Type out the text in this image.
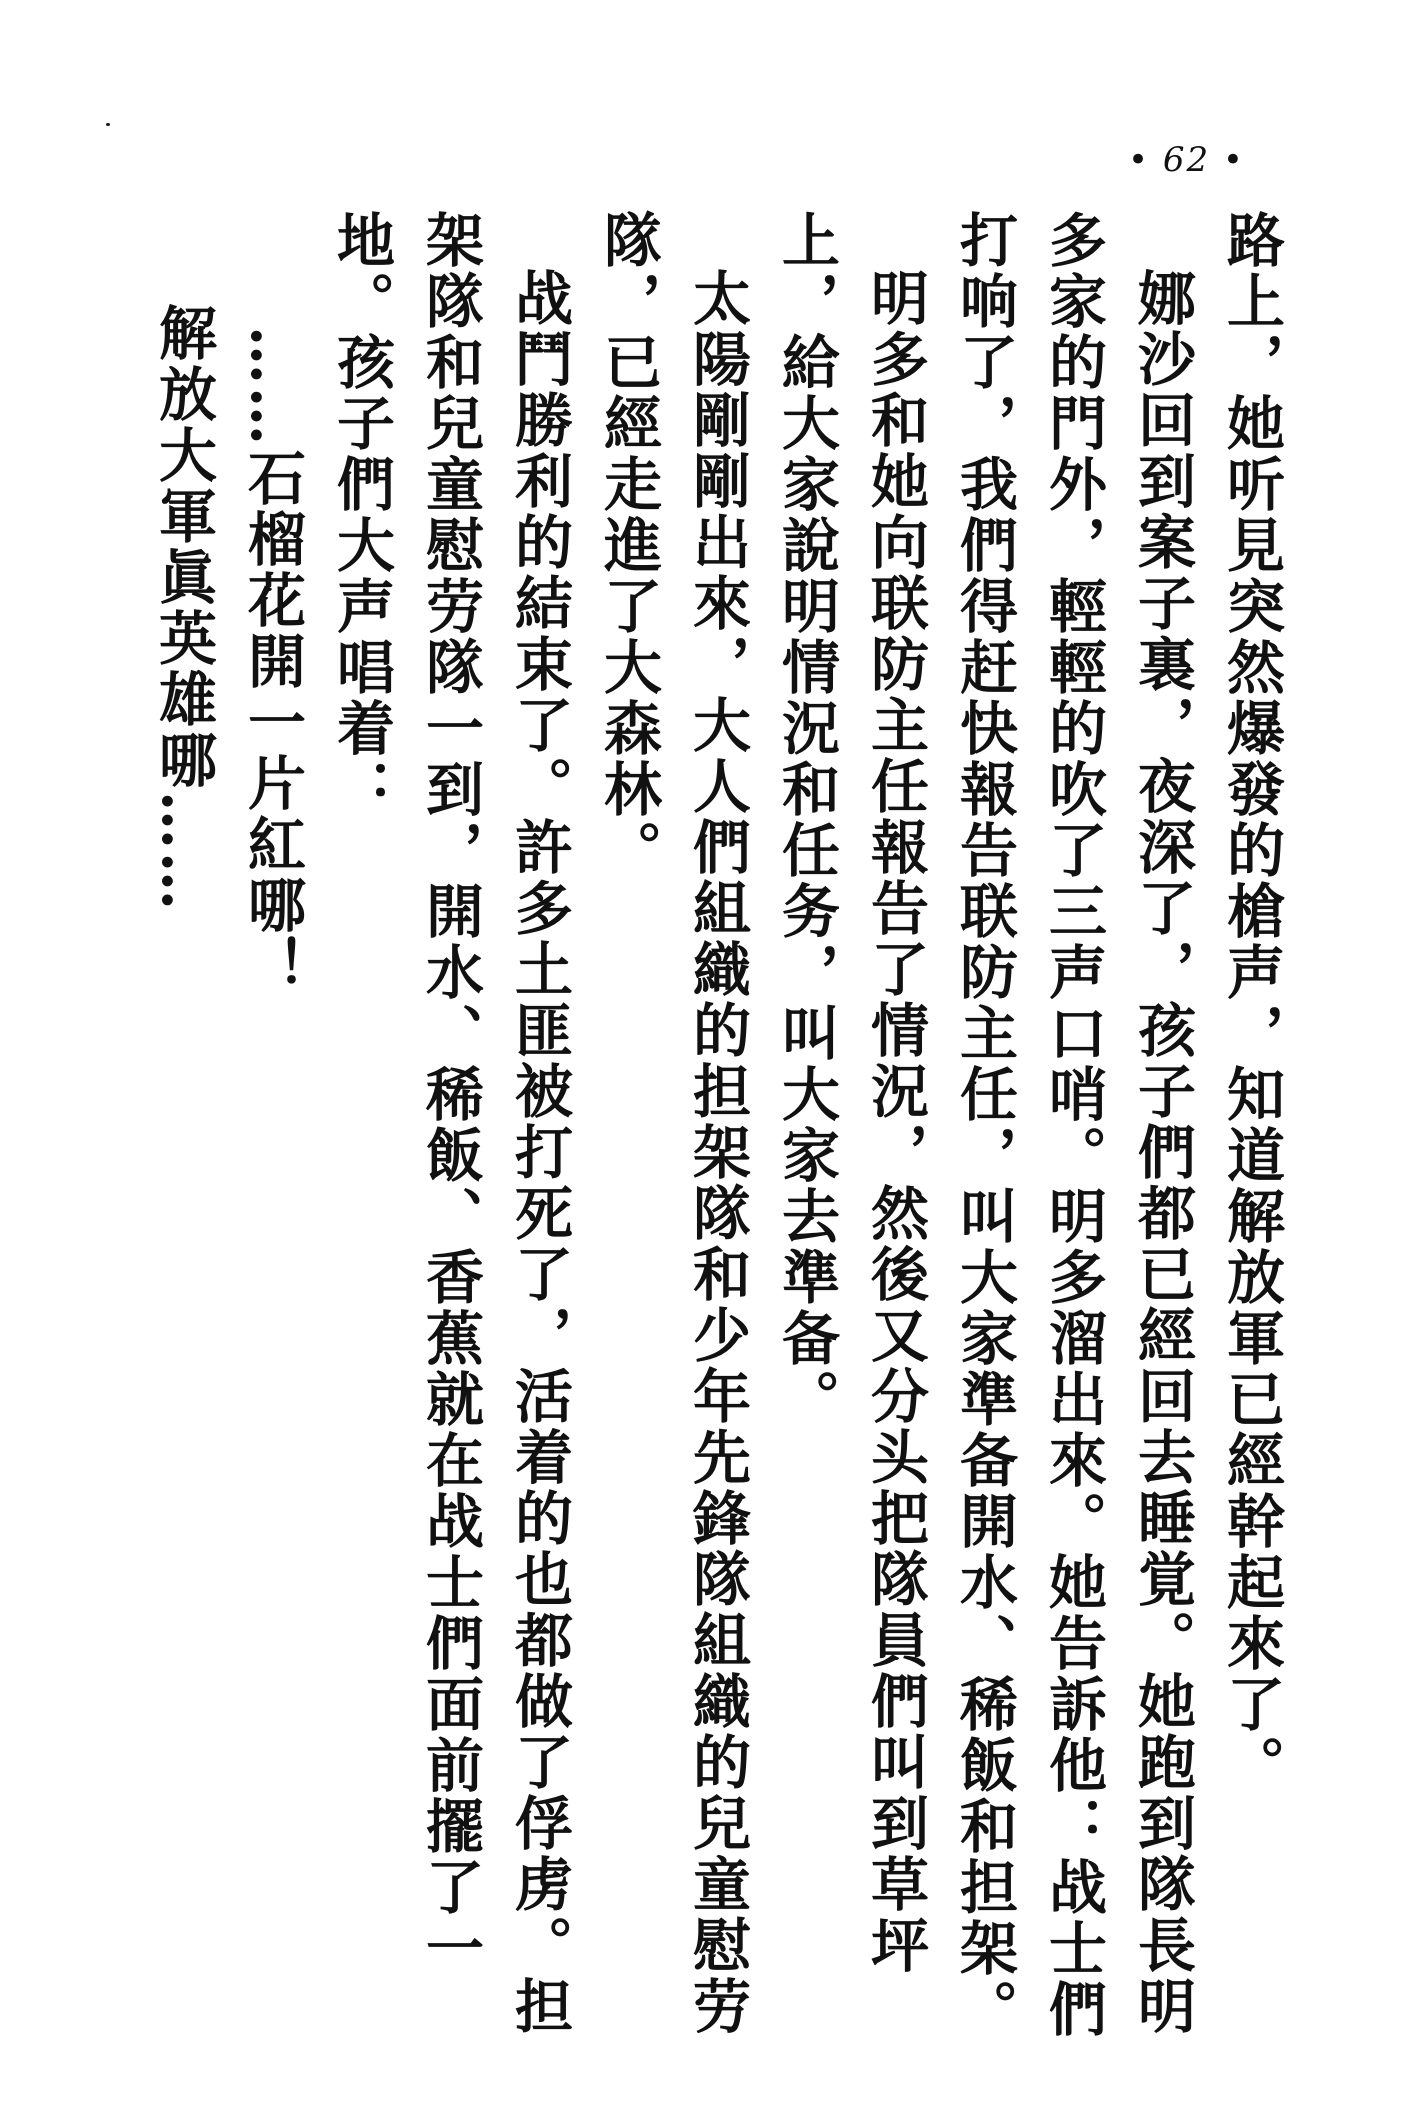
• 62 •

路上，她听見突然爆發的槍声，知道解放軍已經幹起來了。

娜沙回到案子裏，夜深了，孩子們都已經回去睡覚。她跑到隊長明多家的門外，輕輕的吹了三声口哨。明多溜出來。她告訴他：战士們打响了，我們得赶快報告联防主任，叫大家準备開水、稀飯和担架。

明多和她向联防主任報告了情況，然後又分头把隊員們叫到草坪上，給大家說明情況和任务，叫大家去準备。

太陽剛剛出來，大人們組織的担架隊和少年先鋒隊組織的兒童慰劳隊，已經走進了大森林。

战鬥勝利的結束了。許多土匪被打死了，活着的也都做了俘虏。担架隊和兒童慰劳隊一到，開水、稀飯、香蕉就在战士們面前擺了一地。孩子們大声唱着：

……石榴花開一片紅哪！

解放大軍眞英雄哪……
